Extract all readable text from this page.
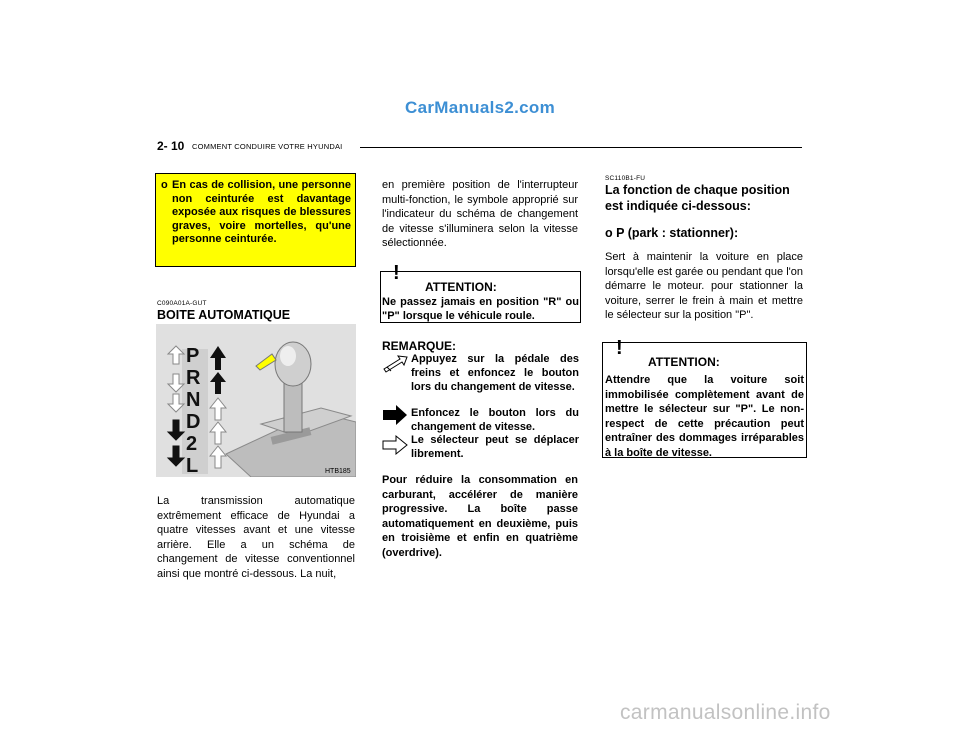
CarManuals2.com
2- 10 COMMENT CONDUIRE VOTRE HYUNDAI
o En cas de collision, une personne non ceinturée est davantage exposée aux risques de blessures graves, voire mortelles, qu'une personne ceinturée.
C090A01A-GUT
BOITE AUTOMATIQUE
P
R
N
D
2
L	HTB185
La transmission automatique extrêmement efficace de Hyundai a quatre vitesses avant et une vitesse arrière. Elle a un schéma de changement de vitesse conventionnel ainsi que montré ci-dessous. La nuit,
en première position de l'interrupteur multi-fonction, le symbole approprié sur l'indicateur du schéma de changement de vitesse s'illuminera selon la vitesse sélectionnée.
!
ATTENTION:
Ne passez jamais en position "R" ou "P" lorsque le véhicule roule.
REMARQUE:
Appuyez sur la pédale des freins et enfoncez le bouton lors du changement de vitesse.
Enfoncez le bouton lors du changement de vitesse.
Le sélecteur peut se déplacer librement.
Pour réduire la consommation en carburant, accélérer de manière progressive. La boîte passe automatiquement en deuxième, puis en troisième et enfin en quatrième (overdrive).
SC110B1-FU
La fonction de chaque position est indiquée ci-dessous:
o P (park : stationner):
Sert à maintenir la voiture en place lorsqu'elle est garée ou pendant que l'on démarre le moteur. pour stationner la voiture, serrer le frein à main et mettre le sélecteur sur la position "P".
!
ATTENTION:
Attendre que la voiture soit immobilisée complètement avant de mettre le sélecteur sur "P". Le non-respect de cette précaution peut entraîner des dommages irréparables à la boîte de vitesse.
carmanualsonline.info
